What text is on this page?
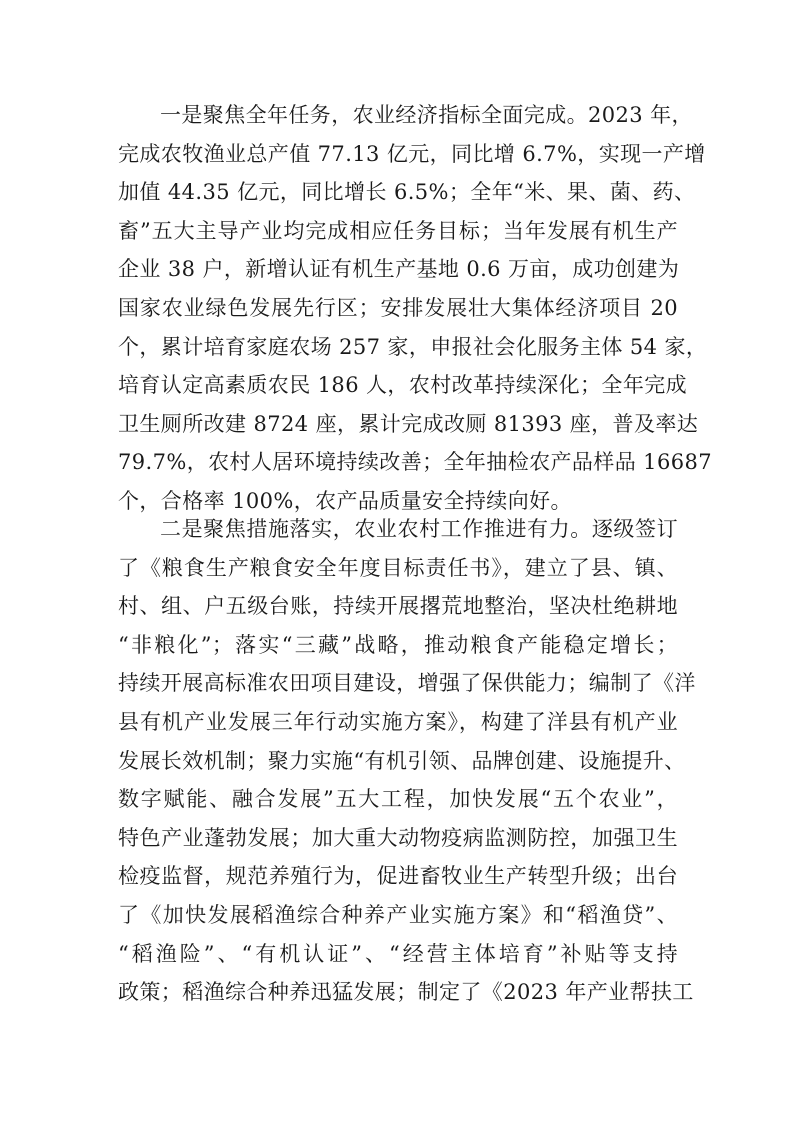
一是聚焦全年任务，农业经济指标全面完成。2023 年，
完成农牧渔业总产值 77.13 亿元，同比增 6.7%，实现一产增
加值 44.35 亿元，同比增长 6.5%；全年“米、果、菌、药、
畜”五大主导产业均完成相应任务目标；当年发展有机生产
企业 38 户，新增认证有机生产基地 0.6 万亩，成功创建为
国家农业绿色发展先行区；安排发展壮大集体经济项目 20
个，累计培育家庭农场 257 家，申报社会化服务主体 54 家，
培育认定高素质农民 186 人，农村改革持续深化；全年完成
卫生厕所改建 8724 座，累计完成改厕 81393 座，普及率达
79.7%，农村人居环境持续改善；全年抽检农产品样品 16687
个，合格率 100%，农产品质量安全持续向好。
二是聚焦措施落实，农业农村工作推进有力。逐级签订
了《粮食生产粮食安全年度目标责任书》，建立了县、镇、
村、组、户五级台账，持续开展撂荒地整治，坚决杜绝耕地
“非粮化”；落实“三藏”战略，推动粮食产能稳定增长；
持续开展高标准农田项目建设，增强了保供能力；编制了《洋
县有机产业发展三年行动实施方案》，构建了洋县有机产业
发展长效机制；聚力实施“有机引领、品牌创建、设施提升、
数字赋能、融合发展”五大工程，加快发展“五个农业”，
特色产业蓬勃发展；加大重大动物疫病监测防控，加强卫生
检疫监督，规范养殖行为，促进畜牧业生产转型升级；出台
了《加快发展稻渔综合种养产业实施方案》和“稻渔贷”、
“稻渔险”、“有机认证”、“经营主体培育”补贴等支持
政策；稻渔综合种养迅猛发展；制定了《2023 年产业帮扶工
